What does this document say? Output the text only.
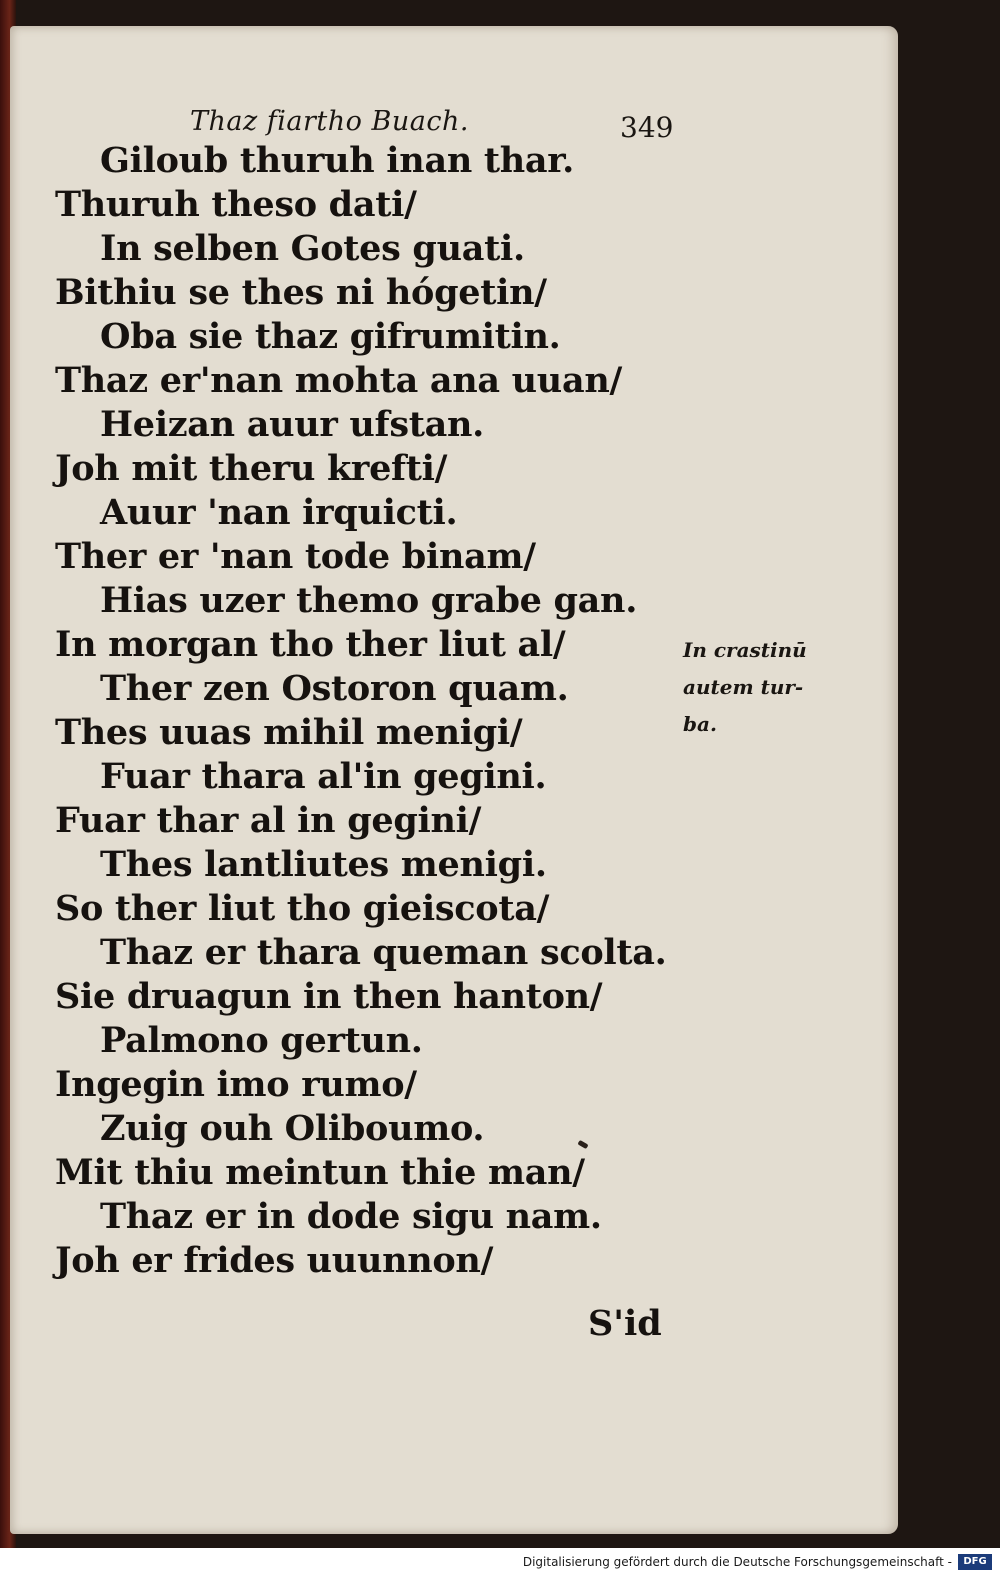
Thaz fiartho Buach.	349
Giloub thuruh inan thar.
Thuruh theso dati/
In selben Gotes guati.
Bithiu se thes ni hógetin/
Oba sie thaz gifrumitin.
Thaz er'nan mohta ana uuan/
Heizan auur ufstan.
Joh mit theru krefti/
Auur 'nan irquicti.
Ther er 'nan tode binam/
Hias uzer themo grabe gan.
In morgan tho ther liut al/
Ther zen Ostoron quam.
Thes uuas mihil menigi/
Fuar thara al'in gegini.
Fuar thar al in gegini/
Thes lantliutes menigi.
So ther liut tho gieiscota/
Thaz er thara queman scolta.
Sie druagun in then hanton/
Palmono gertun.
Ingegin imo rumo/
Zuig ouh Oliboumo.
Mit thiu meintun thie man/
Thaz er in dode sigu nam.
Joh er frides uuunnon/
S'id
In crastinū
autem tur-
ba.
Digitalisierung gefördert durch die Deutsche Forschungsgemeinschaft -	DFG
